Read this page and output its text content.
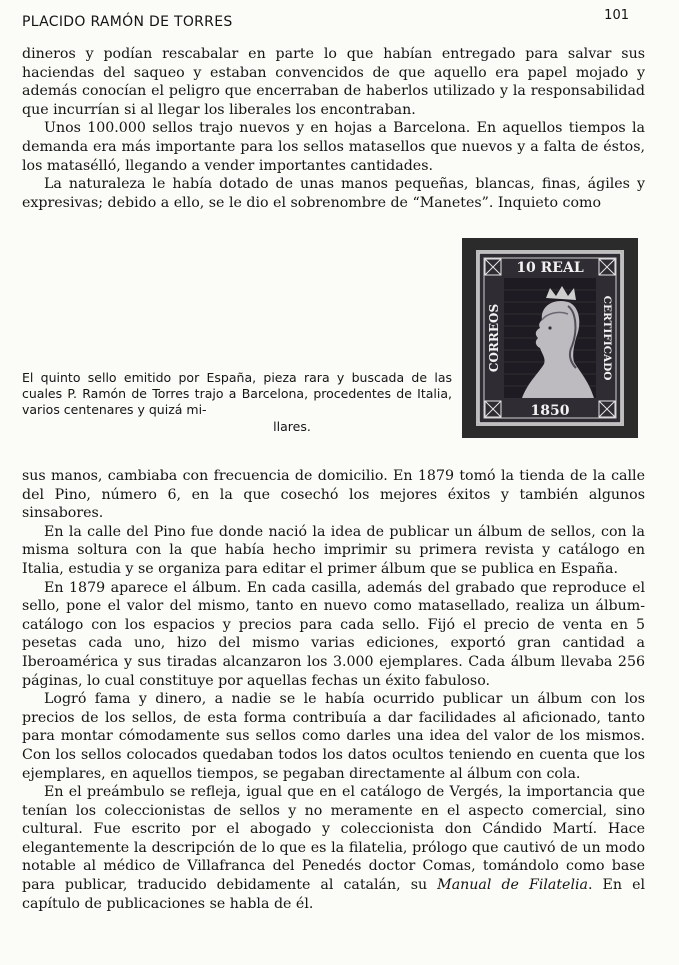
PLACIDO RAMÓN DE TORRES	101

dineros y podían rescabalar en parte lo que habían entregado para salvar sus haciendas del saqueo y estaban convencidos de que aquello era papel mojado y además conocían el peligro que encerraban de haberlos utilizado y la responsabilidad que incurrían si al llegar los liberales los encontraban.

Unos 100.000 sellos trajo nuevos y en hojas a Barcelona. En aquellos tiempos la demanda era más importante para los sellos matasellos que nuevos y a falta de éstos, los matasélló, llegando a vender importantes cantidades.

La naturaleza le había dotado de unas manos pequeñas, blancas, finas, ágiles y expresivas; debido a ello, se le dio el sobrenombre de “Manetes”. Inquieto como

El quinto sello emitido por España, pieza rara y buscada de las cuales P. Ramón de Torres trajo a Barcelona, procedentes de Italia, varios centenares y quizá mi-
llares.
10 REAL
1850
CORREOS	CERTIFICADO

sus manos, cambiaba con frecuencia de domicilio. En 1879 tomó la tienda de la calle del Pino, número 6, en la que cosechó los mejores éxitos y también algunos sinsabores.

En la calle del Pino fue donde nació la idea de publicar un álbum de sellos, con la misma soltura con la que había hecho imprimir su primera revista y catálogo en Italia, estudia y se organiza para editar el primer álbum que se publica en España.

En 1879 aparece el álbum. En cada casilla, además del grabado que reproduce el sello, pone el valor del mismo, tanto en nuevo como matasellado, realiza un álbum-catálogo con los espacios y precios para cada sello. Fijó el precio de venta en 5 pesetas cada uno, hizo del mismo varias ediciones, exportó gran cantidad a Iberoamérica y sus tiradas alcanzaron los 3.000 ejemplares. Cada álbum llevaba 256 páginas, lo cual constituye por aquellas fechas un éxito fabuloso.

Logró fama y dinero, a nadie se le había ocurrido publicar un álbum con los precios de los sellos, de esta forma contribuía a dar facilidades al aficionado, tanto para montar cómodamente sus sellos como darles una idea del valor de los mismos. Con los sellos colocados quedaban todos los datos ocultos teniendo en cuenta que los ejemplares, en aquellos tiempos, se pegaban directamente al álbum con cola.

En el preámbulo se refleja, igual que en el catálogo de Vergés, la importancia que tenían los coleccionistas de sellos y no meramente en el aspecto comercial, sino cultural. Fue escrito por el abogado y coleccionista don Cándido Martí. Hace elegantemente la descripción de lo que es la filatelia, prólogo que cautivó de un modo notable al médico de Villafranca del Penedés doctor Comas, tomándolo como base para publicar, traducido debidamente al catalán, su Manual de Filatelia. En el capítulo de publicaciones se habla de él.
